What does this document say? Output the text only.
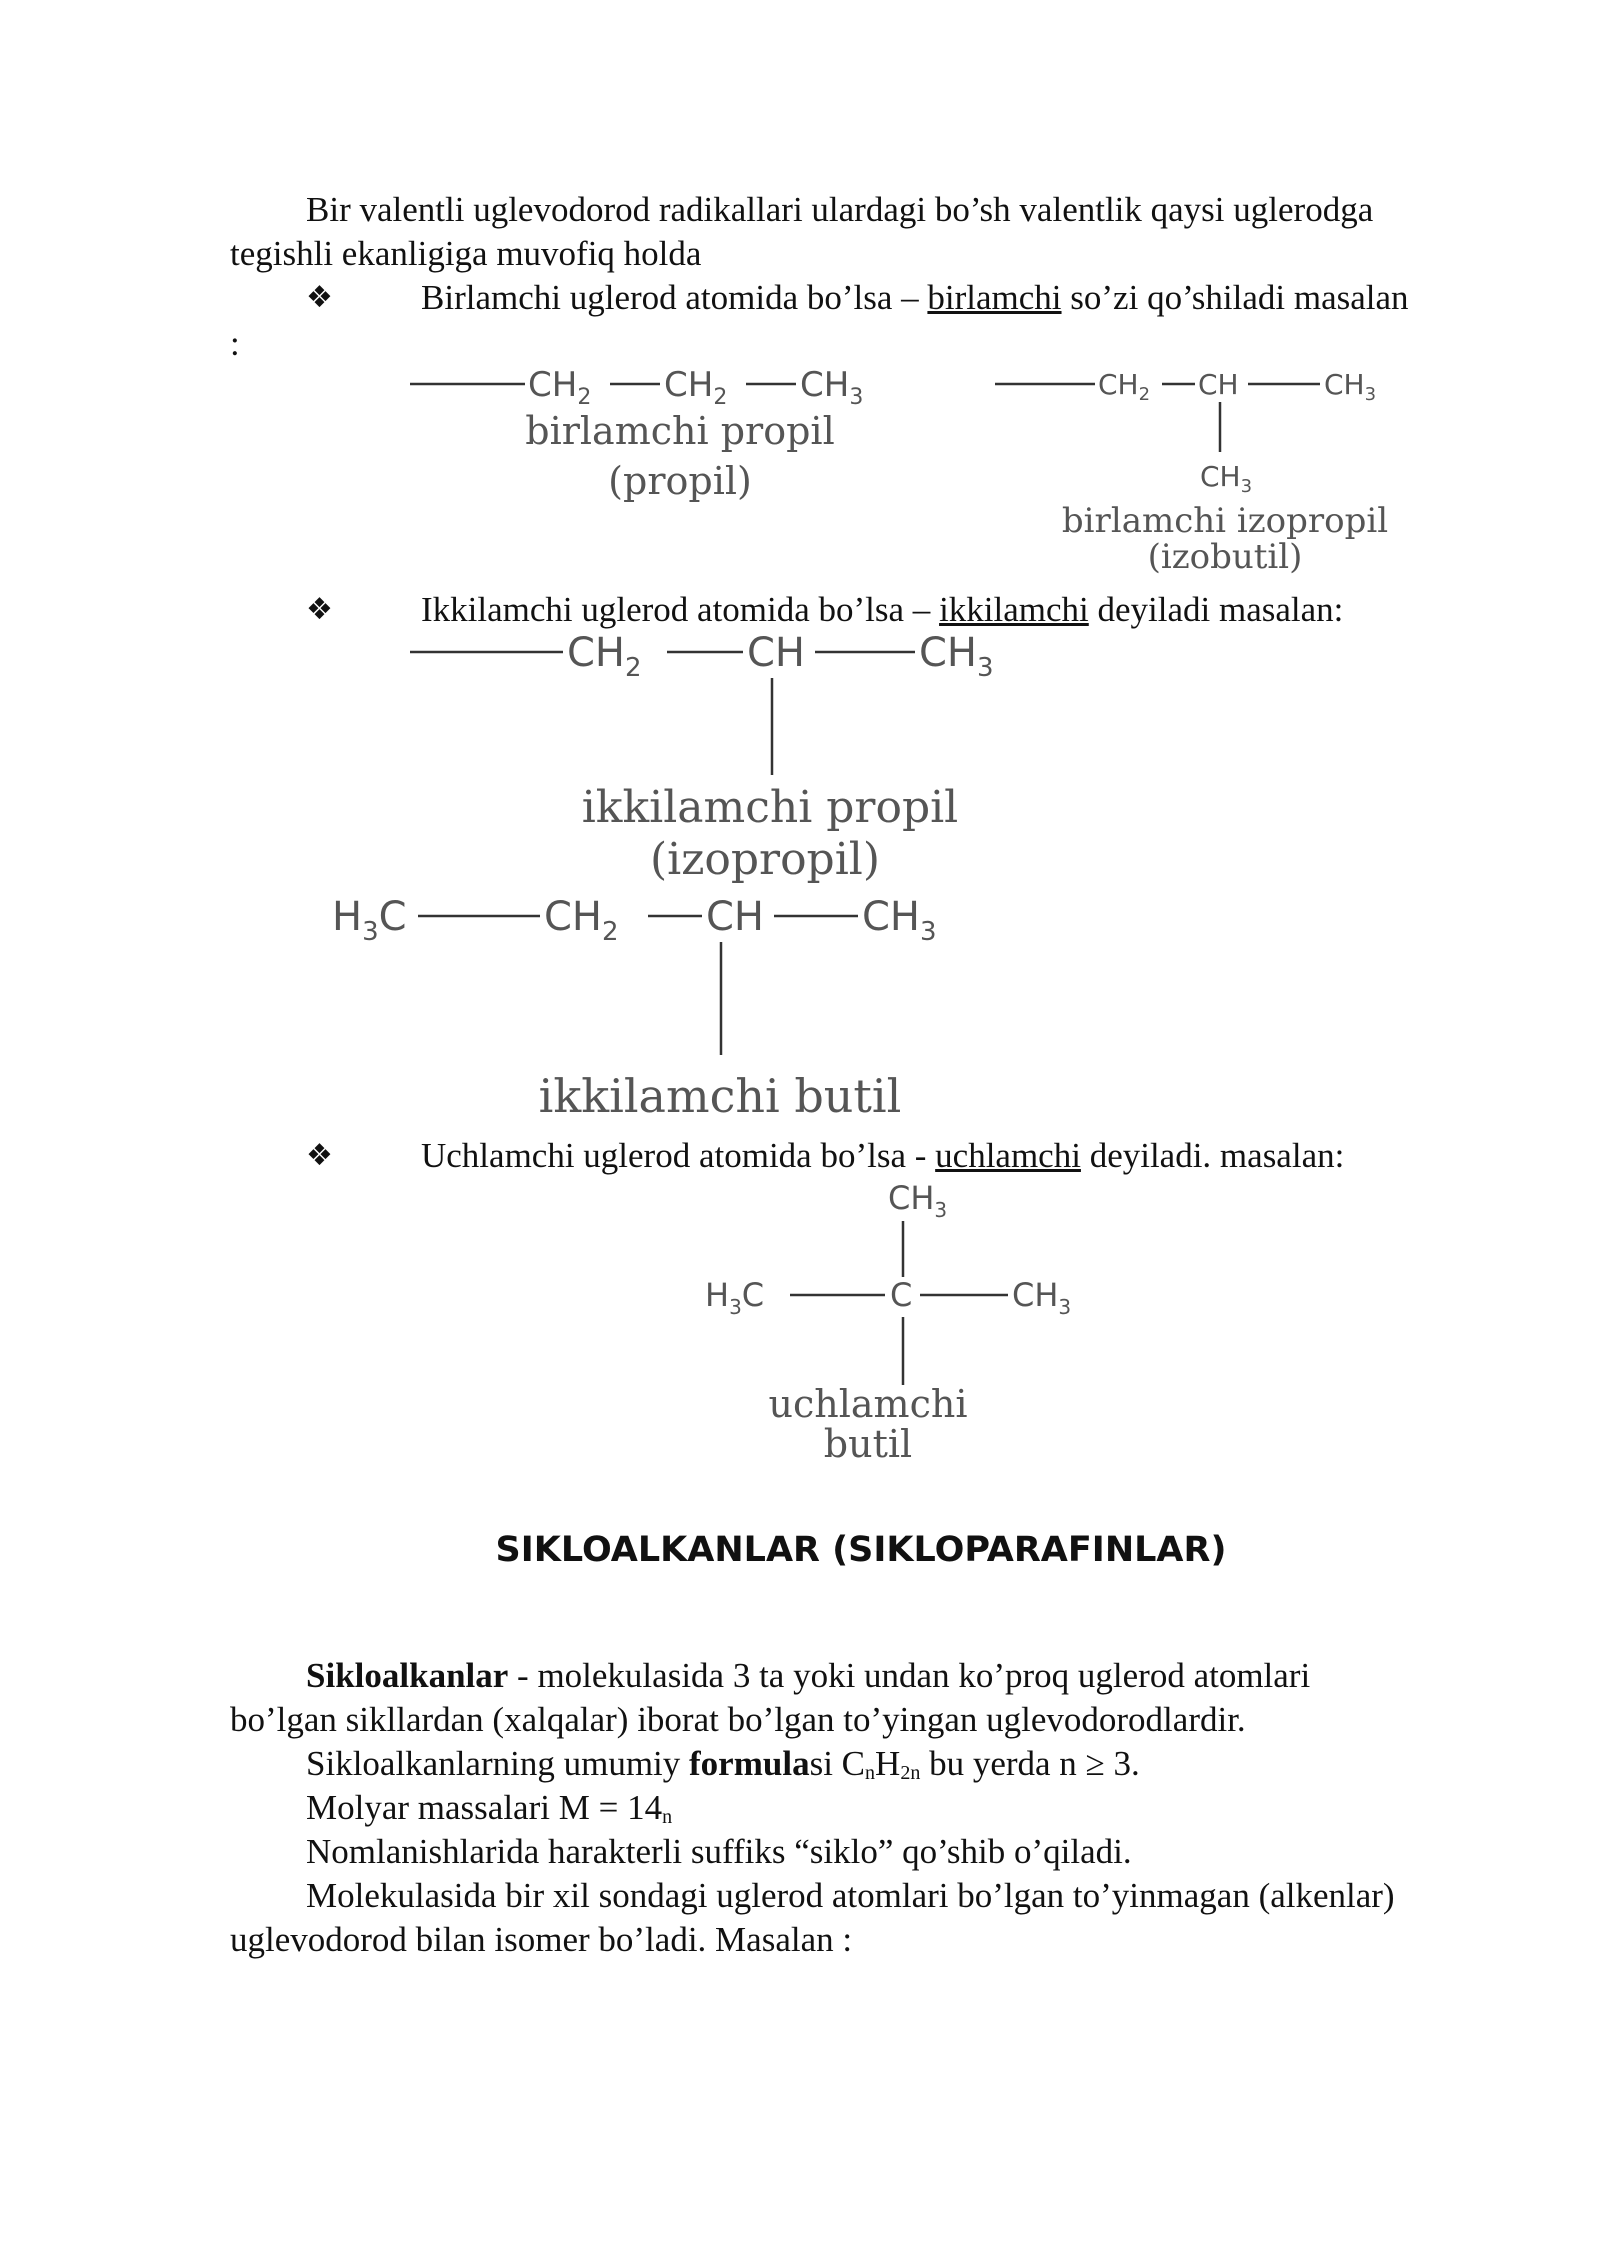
Bir valentli uglevodorod radikallari ulardagi bo’sh valentlik qaysi uglerodga
tegishli ekanligiga muvofiq holda
❖	Birlamchi uglerod atomida bo’lsa – birlamchi so’zi qo’shiladi masalan
:
$CH_2$ $CH_2$ $CH_3$
birlamchi propil
(propil)
$CH_2$ CH	$CH_3$
$CH_3$
birlamchi izopropil
(izobutil)
❖	Ikkilamchi uglerod atomida bo’lsa – ikkilamchi deyiladi masalan:
$CH_2$	CH	$CH_3$
ikkilamchi propil
(izopropil)
$H_3C$	$CH_2$ CH $CH_3$
ikkilamchi butil
❖	Uchlamchi uglerod atomida bo’lsa - uchlamchi deyiladi. masalan:
$CH_3$
$H_3C$	C	$CH_3$
uchlamchi
butil
SIKLOALKANLAR (SIKLOPARAFINLAR)
Sikloalkanlar - molekulasida 3 ta yoki undan ko’proq uglerod atomlari
bo’lgan sikllardan (xalqalar) iborat bo’lgan to’yingan uglevodorodlardir.
Sikloalkanlarning umumiy formulasi $C_nH_{2n}$ bu yerda n ≥ 3.
Molyar massalari $M = 14_n$
Nomlanishlarida harakterli suffiks “siklo” qo’shib o’qiladi.
Molekulasida bir xil sondagi uglerod atomlari bo’lgan to’yinmagan (alkenlar)
uglevodorod bilan isomer bo’ladi. Masalan :
